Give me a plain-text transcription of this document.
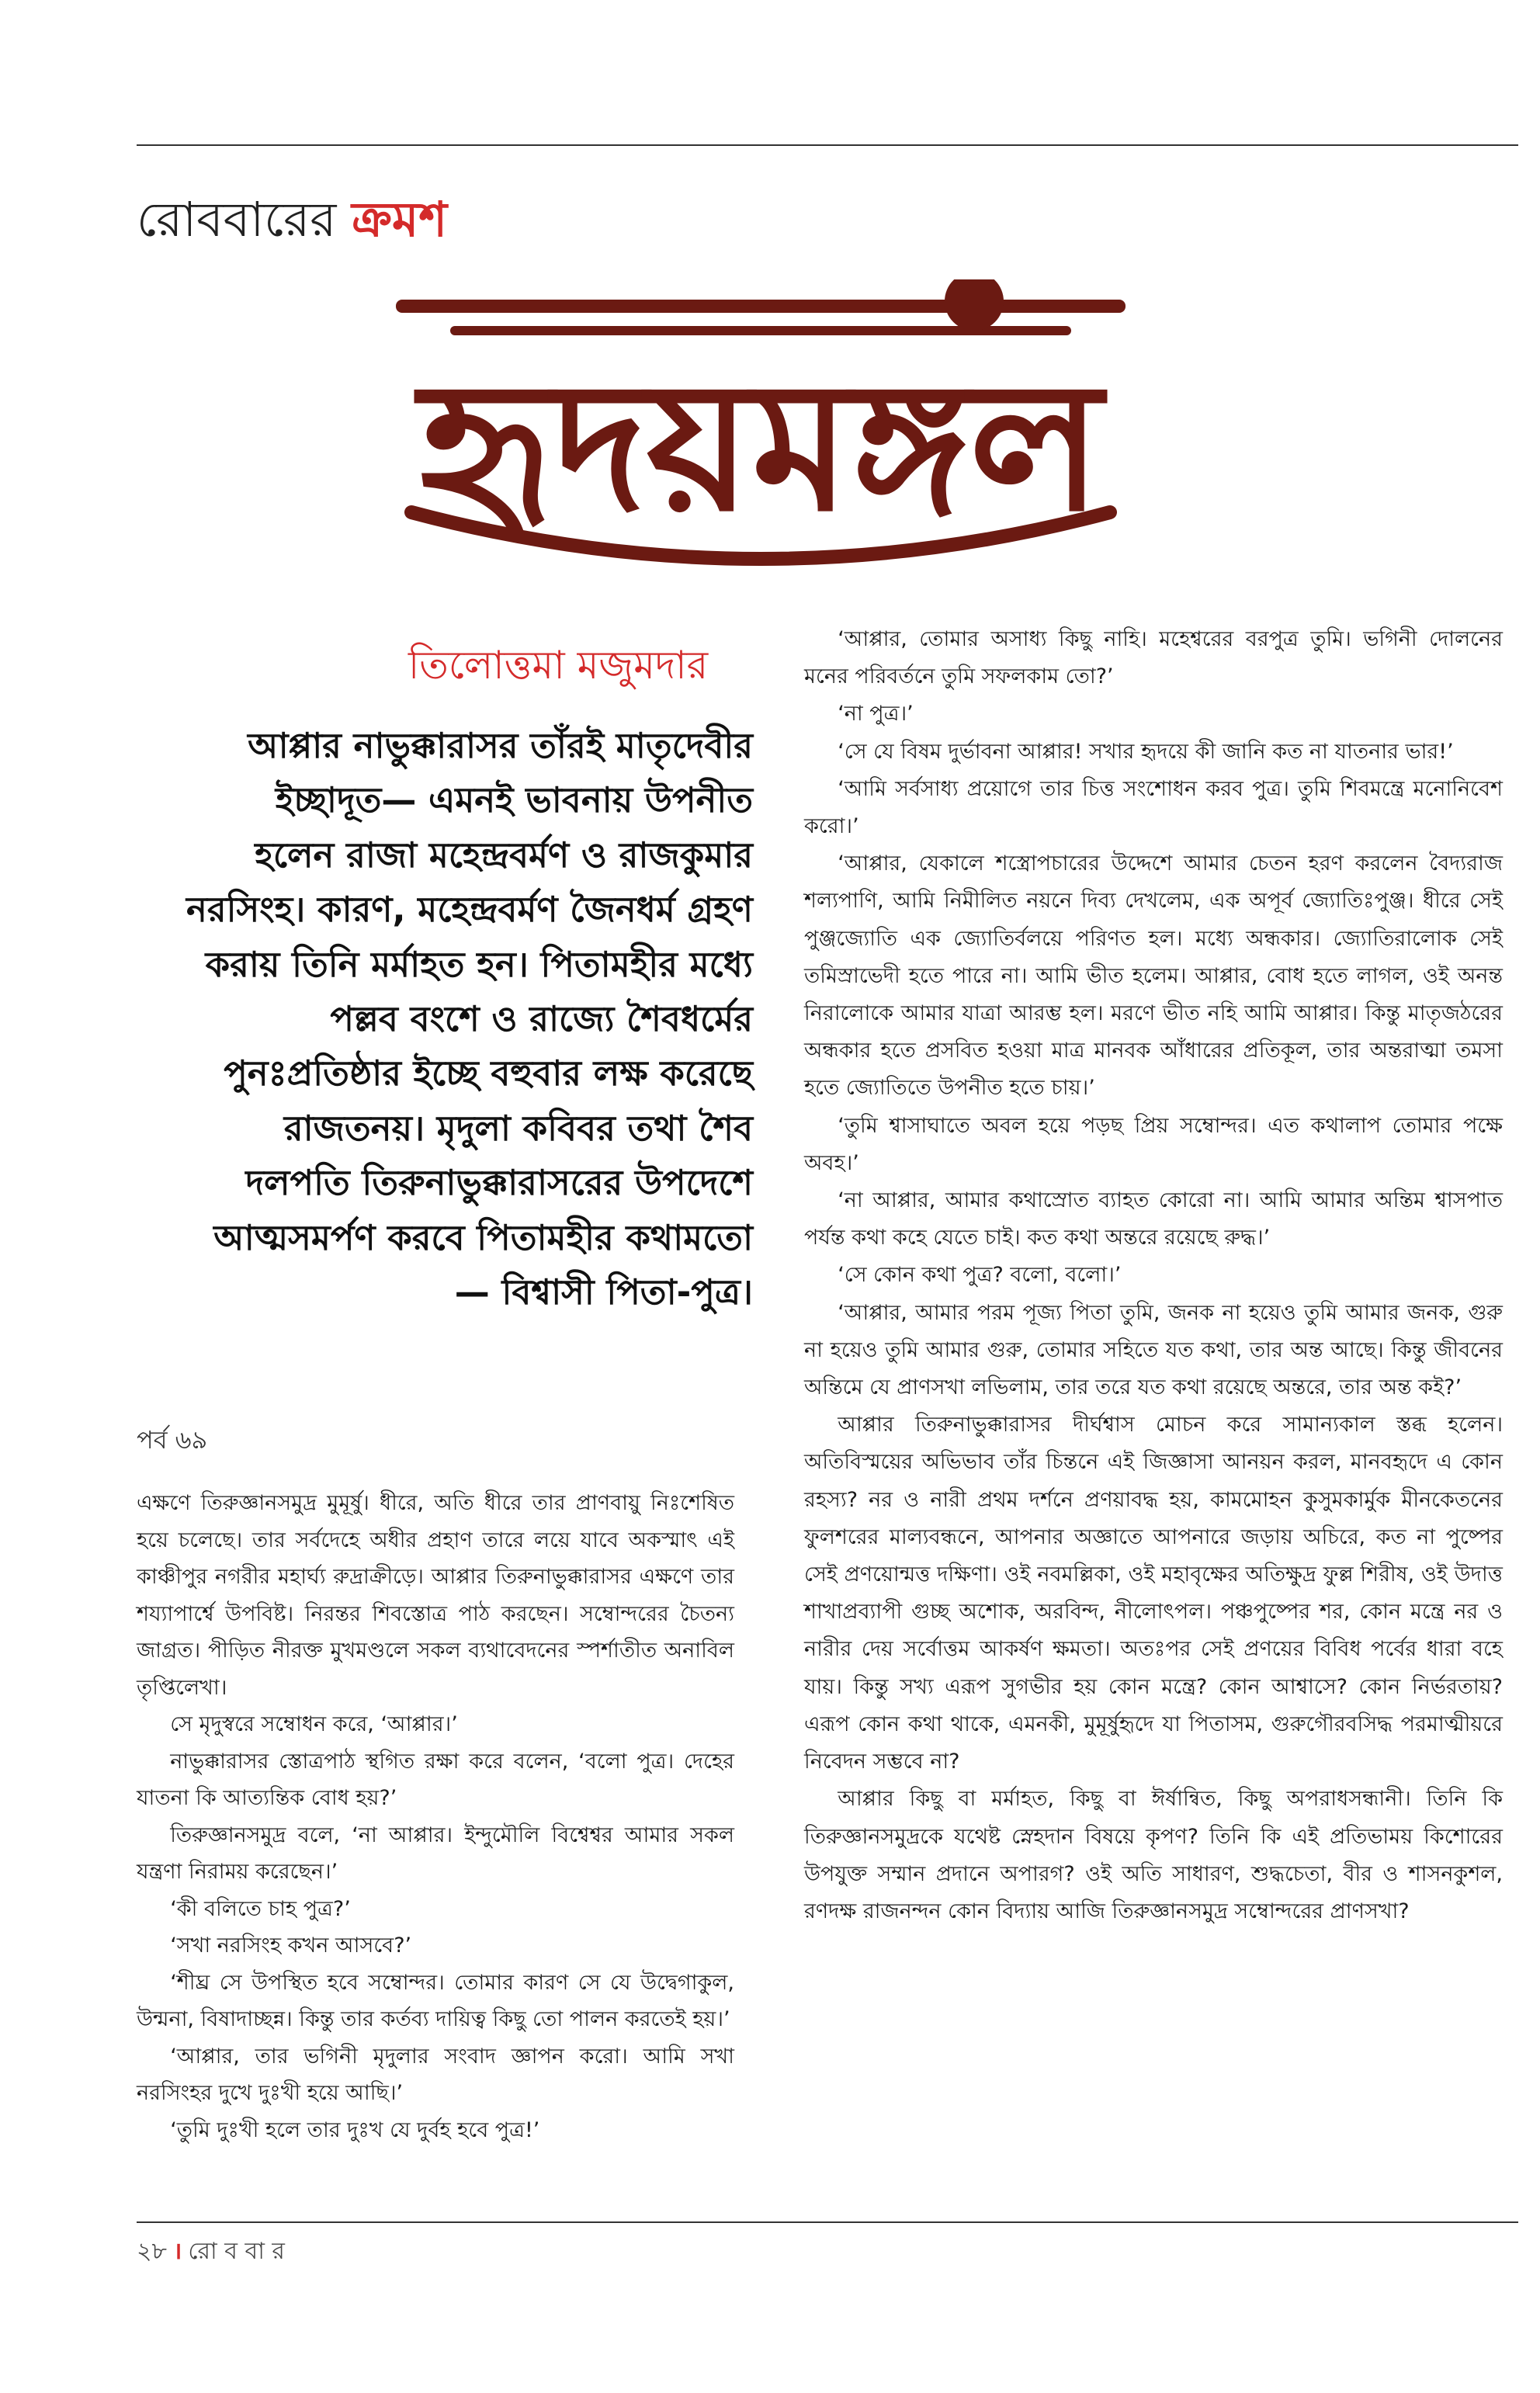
রোববারের ক্রমশ
হৃদয়মঙ্গল
তিলোত্তমা মজুমদার

আপ্পার নাভুক্কারাসর তাঁরই মাতৃদেবীর ইচ্ছাদূত— এমনই ভাবনায় উপনীত হলেন রাজা মহেন্দ্রবর্মণ ও রাজকুমার নরসিংহ। কারণ, মহেন্দ্রবর্মণ জৈনধর্ম গ্রহণ করায় তিনি মর্মাহত হন। পিতামহীর মধ্যে পল্লব বংশে ও রাজ্যে শৈবধর্মের পুনঃপ্রতিষ্ঠার ইচ্ছে বহুবার লক্ষ করেছে রাজতনয়। মৃদুলা কবিবর তথা শৈব দলপতি তিরুনাভুক্কারাসরের উপদেশে আত্মসমর্পণ করবে পিতামহীর কথামতো— বিশ্বাসী পিতা-পুত্র।

পর্ব ৬৯

এক্ষণে তিরুজ্ঞানসমুদ্র মুমূর্ষু। ধীরে, অতি ধীরে তার প্রাণবায়ু নিঃশেষিত হয়ে চলেছে। তার সর্বদেহে অধীর প্রহাণ তারে লয়ে যাবে অকস্মাৎ এই কাঞ্চীপুর নগরীর মহার্ঘ্য রুদ্রাক্রীড়ে। আপ্পার তিরুনাভুক্কারাসর এক্ষণে তার শয্যাপার্শ্বে উপবিষ্ট। নিরন্তর শিবস্তোত্র পাঠ করছেন। সম্বোন্দরের চৈতন্য জাগ্রত। পীড়িত নীরক্ত মুখমণ্ডলে সকল ব্যথাবেদনের স্পর্শাতীত অনাবিল তৃপ্তিলেখা।

সে মৃদুস্বরে সম্বোধন করে, ‘আপ্পার।’

নাভুক্কারাসর স্তোত্রপাঠ স্থগিত রক্ষা করে বলেন, ‘বলো পুত্র। দেহের যাতনা কি আত্যন্তিক বোধ হয়?’

তিরুজ্ঞানসমুদ্র বলে, ‘না আপ্পার। ইন্দুমৌলি বিশ্বেশ্বর আমার সকল যন্ত্রণা নিরাময় করেছেন।’

‘কী বলিতে চাহ পুত্র?’

‘সখা নরসিংহ কখন আসবে?’

‘শীঘ্র সে উপস্থিত হবে সম্বোন্দর। তোমার কারণ সে যে উদ্বেগাকুল, উন্মনা, বিষাদাচ্ছন্ন। কিন্তু তার কর্তব্য দায়িত্ব কিছু তো পালন করতেই হয়।’

‘আপ্পার, তার ভগিনী মৃদুলার সংবাদ জ্ঞাপন করো। আমি সখা নরসিংহর দুখে দুঃখী হয়ে আছি।’

‘তুমি দুঃখী হলে তার দুঃখ যে দুর্বহ হবে পুত্র!’

‘আপ্পার, তোমার অসাধ্য কিছু নাহি। মহেশ্বরের বরপুত্র তুমি। ভগিনী দোলনের মনের পরিবর্তনে তুমি সফলকাম তো?’

‘না পুত্র।’

‘সে যে বিষম দুর্ভাবনা আপ্পার! সখার হৃদয়ে কী জানি কত না যাতনার ভার!’

‘আমি সর্বসাধ্য প্রয়োগে তার চিত্ত সংশোধন করব পুত্র। তুমি শিবমন্ত্রে মনোনিবেশ করো।’

‘আপ্পার, যেকালে শস্ত্রোপচারের উদ্দেশে আমার চেতন হরণ করলেন বৈদ্যরাজ শল্যপাণি, আমি নিমীলিত নয়নে দিব্য দেখলেম, এক অপূর্ব জ্যোতিঃপুঞ্জ। ধীরে সেই পুঞ্জজ্যোতি এক জ্যোতির্বলয়ে পরিণত হল। মধ্যে অন্ধকার। জ্যোতিরালোক সেই তমিস্রাভেদী হতে পারে না। আমি ভীত হলেম। আপ্পার, বোধ হতে লাগল, ওই অনন্ত নিরালোকে আমার যাত্রা আরম্ভ হল। মরণে ভীত নহি আমি আপ্পার। কিন্তু মাতৃজঠরের অন্ধকার হতে প্রসবিত হওয়া মাত্র মানবক আঁধারের প্রতিকূল, তার অন্তরাত্মা তমসা হতে জ্যোতিতে উপনীত হতে চায়।’

‘তুমি শ্বাসাঘাতে অবল হয়ে পড়ছ প্রিয় সম্বোন্দর। এত কথালাপ তোমার পক্ষে অবহ।’

‘না আপ্পার, আমার কথাস্রোত ব্যাহত কোরো না। আমি আমার অন্তিম শ্বাসপাত পর্যন্ত কথা কহে যেতে চাই। কত কথা অন্তরে রয়েছে রুদ্ধ।’

‘সে কোন কথা পুত্র? বলো, বলো।’

‘আপ্পার, আমার পরম পূজ্য পিতা তুমি, জনক না হয়েও তুমি আমার জনক, গুরু না হয়েও তুমি আমার গুরু, তোমার সহিতে যত কথা, তার অন্ত আছে। কিন্তু জীবনের অন্তিমে যে প্রাণসখা লভিলাম, তার তরে যত কথা রয়েছে অন্তরে, তার অন্ত কই?’

আপ্পার তিরুনাভুক্কারাসর দীর্ঘশ্বাস মোচন করে সামান্যকাল স্তব্ধ হলেন। অতিবিস্ময়ের অভিভাব তাঁর চিন্তনে এই জিজ্ঞাসা আনয়ন করল, মানবহৃদে এ কোন রহস্য? নর ও নারী প্রথম দর্শনে প্রণয়াবদ্ধ হয়, কামমোহন কুসুমকার্মুক মীনকেতনের ফুলশরের মাল্যবন্ধনে, আপনার অজ্ঞাতে আপনারে জড়ায় অচিরে, কত না পুষ্পের সেই প্রণয়োন্মত্ত দক্ষিণা। ওই নবমল্লিকা, ওই মহাবৃক্ষের অতিক্ষুদ্র ফুল্ল শিরীষ, ওই উদাত্ত শাখাপ্রব্যাপী গুচ্ছ অশোক, অরবিন্দ, নীলোৎপল। পঞ্চপুষ্পের শর, কোন মন্ত্রে নর ও নারীর দেয় সর্বোত্তম আকর্ষণ ক্ষমতা। অতঃপর সেই প্রণয়ের বিবিধ পর্বের ধারা বহে যায়। কিন্তু সখ্য এরূপ সুগভীর হয় কোন মন্ত্রে? কোন আশ্বাসে? কোন নির্ভরতায়? এরূপ কোন কথা থাকে, এমনকী, মুমূর্ষুহৃদে যা পিতাসম, গুরুগৌরবসিদ্ধ পরমাত্মীয়রে নিবেদন সম্ভবে না?

আপ্পার কিছু বা মর্মাহত, কিছু বা ঈর্ষান্বিত, কিছু অপরাধসন্ধানী। তিনি কি তিরুজ্ঞানসমুদ্রকে যথেষ্ট স্নেহদান বিষয়ে কৃপণ? তিনি কি এই প্রতিভাময় কিশোরের উপযুক্ত সম্মান প্রদানে অপারগ? ওই অতি সাধারণ, শুদ্ধচেতা, বীর ও শাসনকুশল, রণদক্ষ রাজনন্দন কোন বিদ্যায় আজি তিরুজ্ঞানসমুদ্র সম্বোন্দরের প্রাণসখা?

২৮ । রো ব বা র
